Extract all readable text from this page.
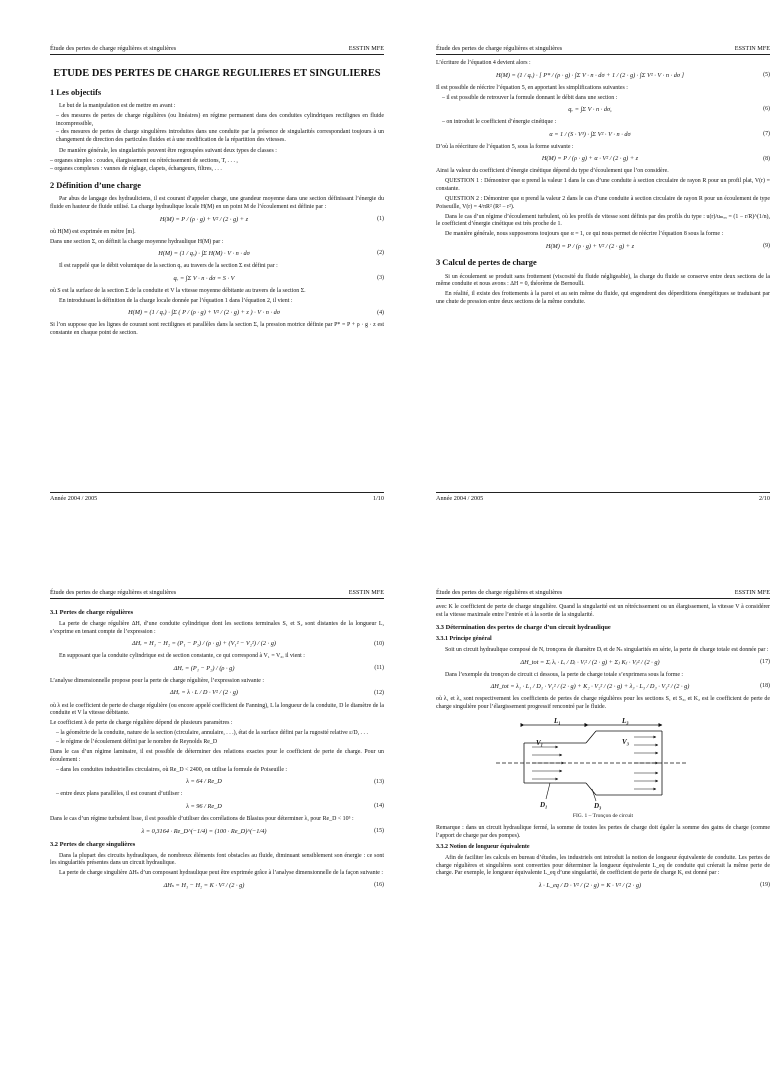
Étude des pertes de charge régulières et singulières	ESSTIN MFE
ETUDE DES PERTES DE CHARGE REGULIERES ET SINGULIERES
1 Les objectifs

Le but de la manipulation est de mettre en avant :

– des mesures de pertes de charge régulières (ou linéaires) en régime permanent dans des conduites cylindriques rectilignes en fluide incompressible,
– des mesures de pertes de charge singulières introduites dans une conduite par la présence de singularités correspondant toujours à un changement de direction des particules fluides et à une modification de la répartition des vitesses.

De manière générale, les singularités peuvent être regroupées suivant deux types de classes :

– organes simples : coudes, élargissement ou rétrécissement de sections, T, . . . ,
– organes complexes : vannes de réglage, clapets, échangeurs, filtres, . . .
2 Définition d’une charge

Par abus de langage des hydrauliciens, il est courant d’appeler charge, une grandeur moyenne dans une section définissant l’énergie du fluide en hauteur de fluide utilisé. La charge hydraulique locale H(M) en un point M de l’écoulement est définie par :

H(M) = P / (ρ · g) + V² / (2 · g) + z	(1)

où H(M) est exprimée en mètre [m].

Dans une section Σ, on définit la charge moyenne hydraulique H(M) par :

H(M) = (1 / qᵥ) · ∫Σ H(M) · V · n · dσ	(2)

Il est rappelé que le débit volumique de la section qᵥ au travers de la section Σ est défini par :

qᵥ = ∫Σ V · n · dσ = S · V	(3)

où S est la surface de la section Σ de la conduite et V la vitesse moyenne débitante au travers de la section Σ.

En introduisant la définition de la charge locale donnée par l’équation 1 dans l’équation 2, il vient :

H(M) = (1 / qᵥ) · ∫Σ ( P / (ρ · g) + V² / (2 · g) + z ) · V · n · dσ	(4)

Si l’on suppose que les lignes de courant sont rectilignes et parallèles dans la section Σ, la pression motrice définie par P* = P + ρ · g · z est constante en chaque point de section.

Année 2004 / 2005	1/10
Étude des pertes de charge régulières et singulières	ESSTIN MFE

L’écriture de l’équation 4 devient alors :

H(M) = (1 / qᵥ) · [ P* / (ρ · g) · ∫Σ V · n · dσ + 1 / (2 · g) · ∫Σ V² · V · n · dσ ]	(5)

Il est possible de réécrire l’équation 5, en apportant les simplifications suivantes :

– il est possible de retrouver la formule donnant le débit dans une section :

qᵥ = ∫Σ V · n · dσ,	(6)

– on introduit le coefficient d’énergie cinétique :

α = 1 / (S · V³) · ∫Σ V² · V · n · dσ	(7)

D’où la réécriture de l’équation 5, sous la forme suivante :

H(M) = P / (ρ · g) + α · V² / (2 · g) + z	(8)

Ainsi la valeur du coefficient d’énergie cinétique dépend du type d’écoulement que l’on considère.

QUESTION 1 : Démontrer que α prend la valeur 1 dans le cas d’une conduite à section circulaire de rayon R pour un profil plat, V(r) = constante.

QUESTION 2 : Démontrer que α prend la valeur 2 dans le cas d’une conduite à section circulaire de rayon R pour un écoulement de type Poiseuille, V(r) = 4/πR² (R² − r²).

Dans le cas d’un régime d’écoulement turbulent, où les profils de vitesse sont définis par des profils du type : u(r)/uₘₐₓ = (1 − r/R)^(1/n), le coefficient d’énergie cinétique est très proche de 1.

De manière générale, nous supposerons toujours que α = 1, ce qui nous permet de réécrire l’équation 8 sous la forme :

H(M) = P / (ρ · g) + V² / (2 · g) + z	(9)
3 Calcul de pertes de charge

Si un écoulement se produit sans frottement (viscosité du fluide négligeable), la charge du fluide se conserve entre deux sections de la même conduite et nous avons : ΔH = 0, théorème de Bernoulli.

En réalité, il existe des frottements à la paroi et au sein même du fluide, qui engendrent des déperditions énergétiques se traduisant par une chute de pression entre deux sections de la même conduite.

Année 2004 / 2005	2/10
Étude des pertes de charge régulières et singulières	ESSTIN MFE
3.1 Pertes de charge régulières

La perte de charge régulière ΔHᵣ d’une conduite cylindrique dont les sections terminales S₁ et S₂ sont distantes de la longueur L, s’exprime en tenant compte de l’expression :

ΔHᵣ = H₁ − H₂ = (P₁ − P₂) / (ρ · g) + (V₁² − V₂²) / (2 · g)	(10)

En supposant que la conduite cylindrique est de section constante, ce qui correspond à V₁ = V₂, il vient :

ΔHᵣ = (P₁ − P₂) / (ρ · g)	(11)

L’analyse dimensionnelle propose pour la perte de charge régulière, l’expression suivante :

ΔHᵣ = λ · L / D · V² / (2 · g)	(12)

où λ est le coefficient de perte de charge régulière (ou encore appelé coefficient de Fanning), L la longueur de la conduite, D le diamètre de la conduite et V la vitesse débitante.

Le coefficient λ de perte de charge régulière dépend de plusieurs paramètres :

– la géométrie de la conduite, nature de la section (circulaire, annulaire, . . .), état de la surface défini par la rugosité relative ε/D, . . .
– le régime de l’écoulement défini par le nombre de Reynolds Re_D

Dans le cas d’un régime laminaire, il est possible de déterminer des relations exactes pour le coefficient de perte de charge. Pour un écoulement :

– dans les conduites industrielles circulaires, où Re_D < 2400, on utilise la formule de Poiseuille :

λ = 64 / Re_D	(13)

– entre deux plans parallèles, il est courant d’utiliser :

λ = 96 / Re_D	(14)

Dans le cas d’un régime turbulent lisse, il est possible d’utiliser des corrélations de Blasius pour déterminer λ, pour Re_D < 10⁵ :

λ = 0,3164 · Re_D^(−1/4) = (100 · Re_D)^(−1/4)	(15)
3.2 Pertes de charge singulières

Dans la plupart des circuits hydrauliques, de nombreux éléments font obstacles au fluide, diminuant sensiblement son énergie : ce sont les singularités présentes dans un circuit hydraulique.

La perte de charge singulière ΔHₛ d’un composant hydraulique peut être exprimée grâce à l’analyse dimensionnelle de la façon suivante :

ΔHₛ = H₁ − H₂ = K · V² / (2 · g)	(16)
Étude des pertes de charge régulières et singulières	ESSTIN MFE

avec K le coefficient de perte de charge singulière. Quand la singularité est un rétrécissement ou un élargissement, la vitesse V à considérer est la vitesse maximale entre l’entrée et à la sortie de la singularité.

3.3 Détermination des pertes de charge d’un circuit hydraulique
3.3.1 Principe général

Soit un circuit hydraulique composé de Nᵣ tronçons de diamètre Dᵢ et de Nₛ singularités en série, la perte de charge totale est donnée par :

ΔH_tot = Σᵢ λᵢ · Lᵢ / Dᵢ · Vᵢ² / (2 · g) + Σⱼ Kⱼ · Vⱼ² / (2 · g)	(17)

Dans l’exemple du tronçon de circuit ci dessous, la perte de charge totale s’exprimera sous la forme :

ΔH_tot = λ₁ · L₁ / D₁ · V₁² / (2 · g) + K₂ · V₂² / (2 · g) + λ₃ · L₃ / D₃ · V₃² / (2 · g)	(18)

où λ₁ et λ₃ sont respectivement les coefficients de pertes de charge régulières pour les sections S₁ et S₃, et K₂ est le coefficient de perte de charge singulière pour l’élargissement progressif rencontré par le fluide.

L₁	L₃
V₁	V₃
D₁	D₃
FIG. 1 – Tronçon de circuit

Remarque : dans un circuit hydraulique fermé, la somme de toutes les pertes de charge doit égaler la somme des gains de charge (comme l’apport de charge par des pompes).

3.3.2 Notion de longueur équivalente

Afin de faciliter les calculs en bureau d’études, les industriels ont introduit la notion de longueur équivalente de conduite. Les pertes de charge régulières et singulières sont converties pour déterminer la longueur équivalente L_eq de conduite qui créerait la même perte de charge. Par exemple, le longueur équivalente L_eq d’une singularité, de coefficient de perte de charge K, est donné par :

λ · L_eq / D · V² / (2 · g) = K · V² / (2 · g)	(19)
